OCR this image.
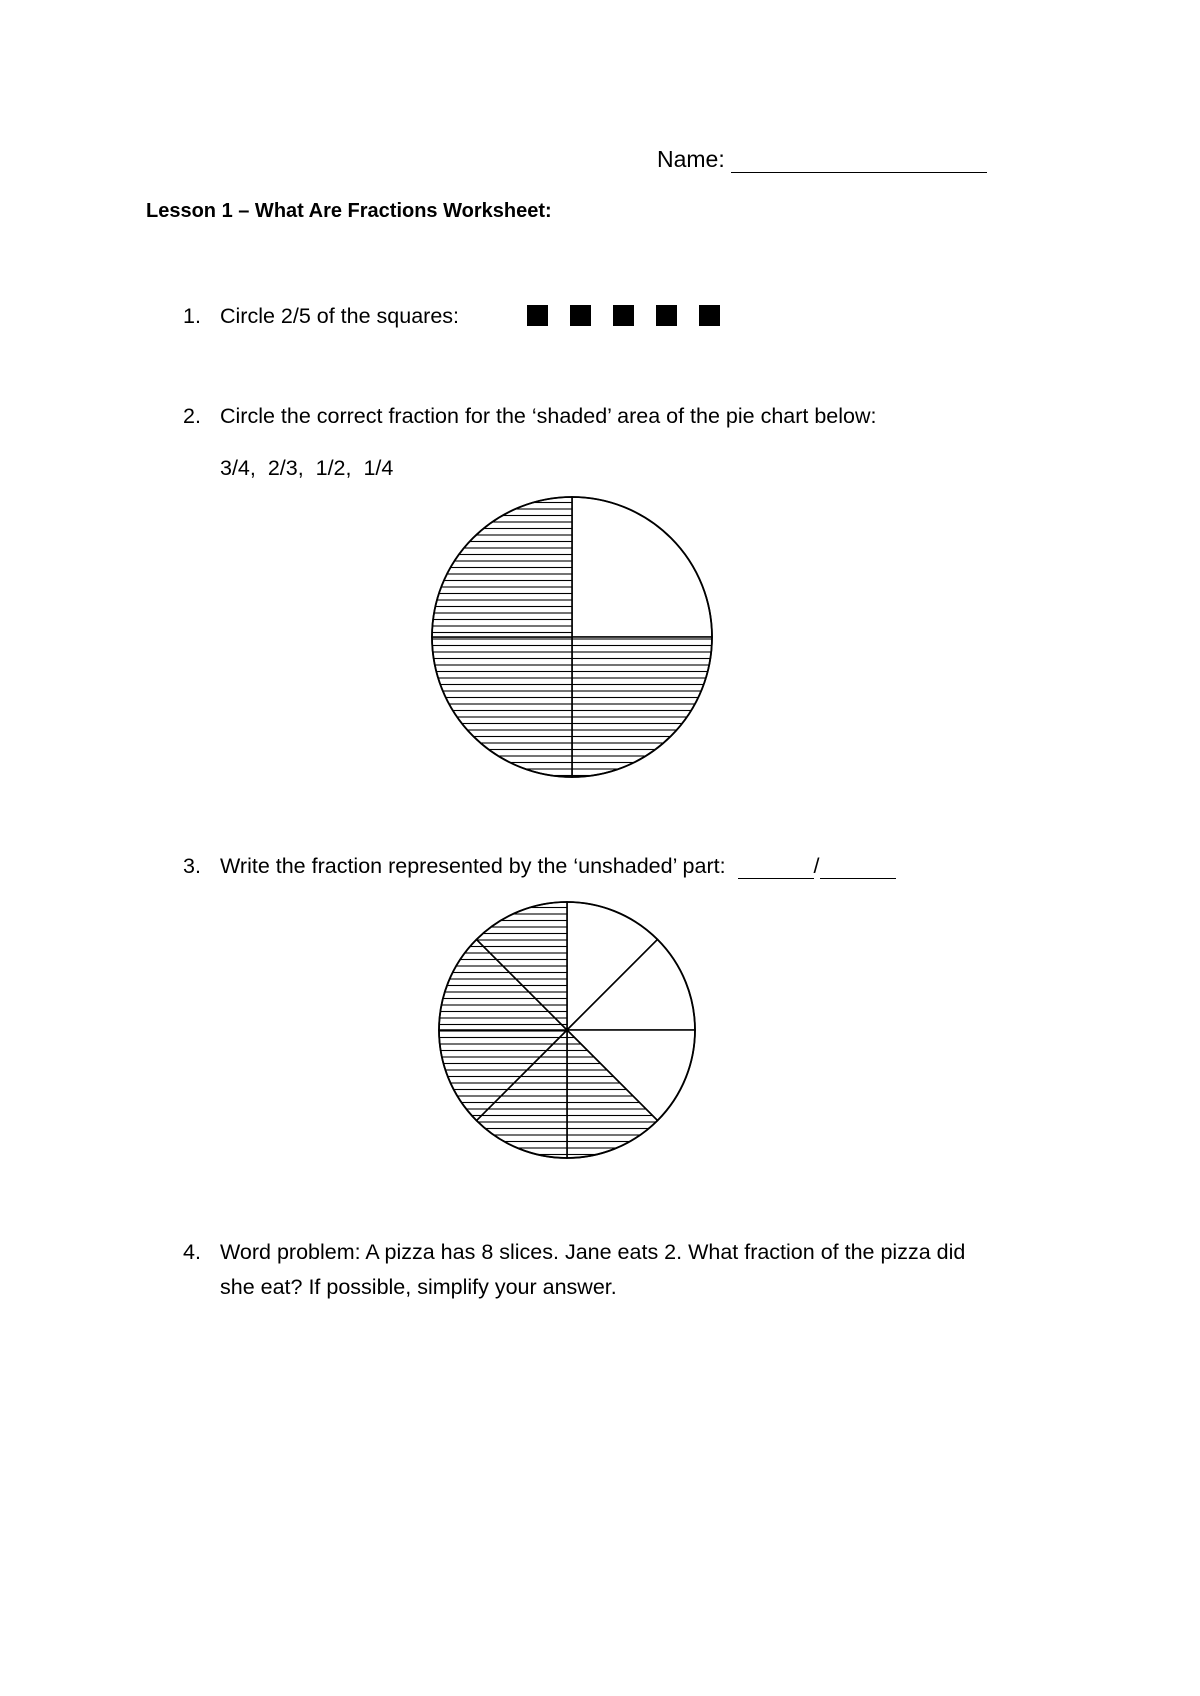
Name:
Lesson 1 – What Are Fractions Worksheet:
1. Circle 2/5 of the squares:
2. Circle the correct fraction for the ‘shaded’ area of the pie chart below:
3/4,  2/3,  1/2,  1/4
3. Write the fraction represented by the ‘unshaded’ part:	/
4. Word problem: A pizza has 8 slices. Jane eats 2. What fraction of the pizza did
she eat? If possible, simplify your answer.
